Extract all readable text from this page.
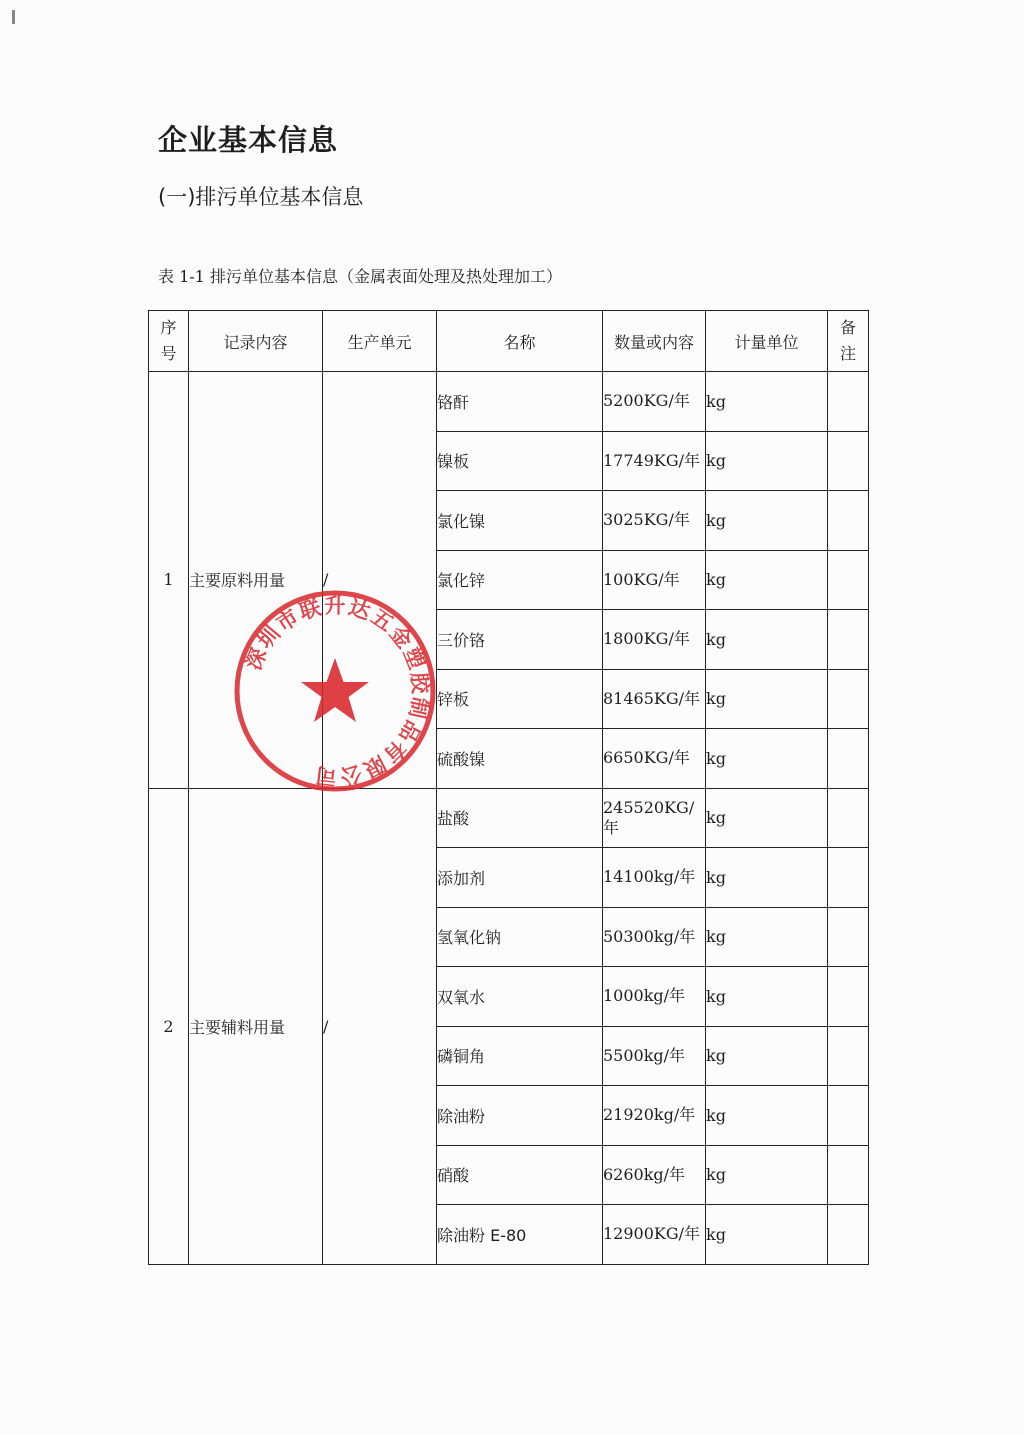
企业基本信息
(一)排污单位基本信息
表 1-1 排污单位基本信息（金属表面处理及热处理加工）
序号	记录内容	生产单元	名称	数量或内容	计量单位	备注
1	主要原料用量	/	铬酐	5200KG/年	kg	
			镍板	17749KG/年	kg	
			氯化镍	3025KG/年	kg	
			氯化锌	100KG/年	kg	
			三价铬	1800KG/年	kg	
			锌板	81465KG/年	kg	
			硫酸镍	6650KG/年	kg	
2	主要辅料用量	/	盐酸	245520KG/年	kg	
			添加剂	14100kg/年	kg	
			氢氧化钠	50300kg/年	kg	
			双氧水	1000kg/年	kg	
			磷铜角	5500kg/年	kg	
			除油粉	21920kg/年	kg	
			硝酸	6260kg/年	kg	
			除油粉 E-80	12900KG/年	kg	
深圳市联升达五金塑胶制品有限公司
